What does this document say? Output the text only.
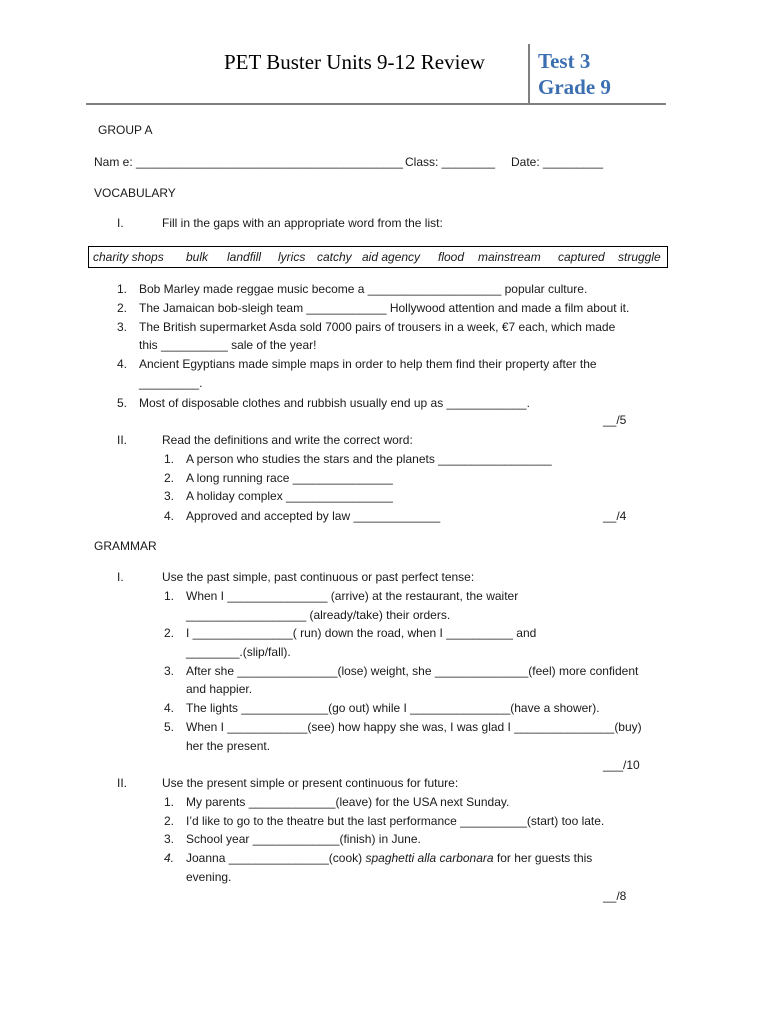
PET Buster Units 9-12 Review	Test 3
Grade 9
GROUP A
Nam e: ________________________________________ Class: ________ Date: _________
VOCABULARY
I.	Fill in the gaps with an appropriate word from the list:
charity shops bulk landfill lyrics catchy aid agency flood mainstream captured struggle
1. Bob Marley made reggae music become a ____________________ popular culture.
2. The Jamaican bob-sleigh team ____________ Hollywood attention and made a film about it.
3. The British supermarket Asda sold 7000 pairs of trousers in a week, €7 each, which made
this __________ sale of the year!
4. Ancient Egyptians made simple maps in order to help them find their property after the
_________.
5. Most of disposable clothes and rubbish usually end up as ____________.
__/5
II.	Read the definitions and write the correct word:
1. A person who studies the stars and the planets _________________
2. A long running race _______________
3. A holiday complex ________________
4. Approved and accepted by law _____________	__/4
GRAMMAR
I.	Use the past simple, past continuous or past perfect tense:
1. When I _______________ (arrive) at the restaurant, the waiter
__________________ (already/take) their orders.
2. I _______________( run) down the road, when I __________ and
________.(slip/fall).
3. After she _______________(lose) weight, she ______________(feel) more confident
and happier.
4. The lights _____________(go out) while I _______________(have a shower).
5. When I ____________(see) how happy she was, I was glad I _______________(buy)
her the present.
___/10
II.	Use the present simple or present continuous for future:
1. My parents _____________(leave) for the USA next Sunday.
2. I’d like to go to the theatre but the last performance __________(start) too late.
3. School year _____________(finish) in June.
4. Joanna _______________(cook) spaghetti alla carbonara for her guests this
evening.
__/8
